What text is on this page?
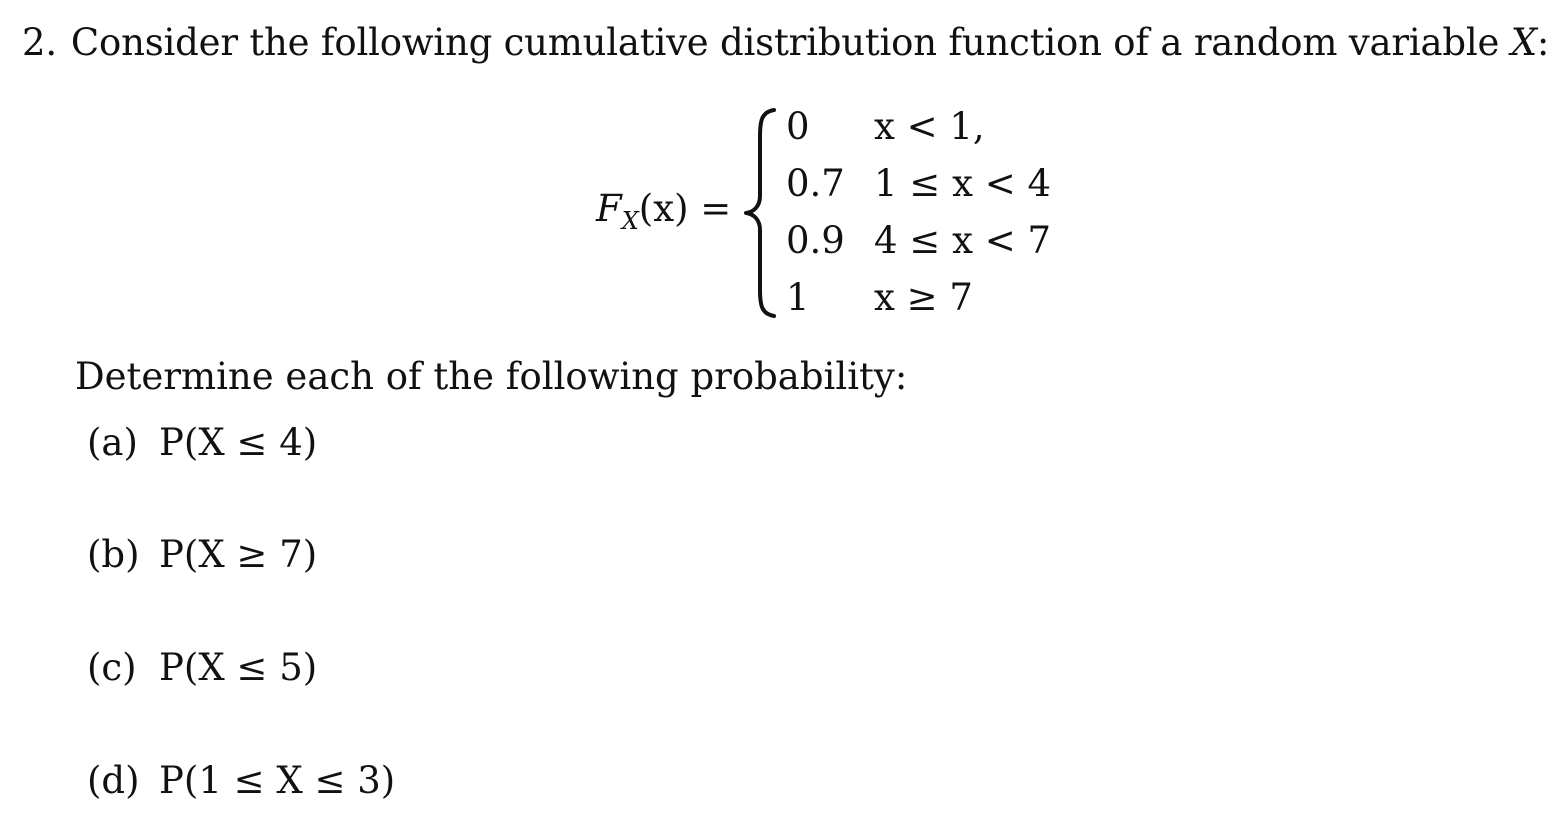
2. Consider the following cumulative distribution function of a random variable X:
$F_X(x)$ =
0 x < 1,
0.7 1 ≤ x < 4
0.9 4 ≤ x < 7
1 x ≥ 7
Determine each of the following probability:
(a) P(X ≤ 4)
(b) P(X ≥ 7)
(c) P(X ≤ 5)
(d) P(1 ≤ X ≤ 3)
